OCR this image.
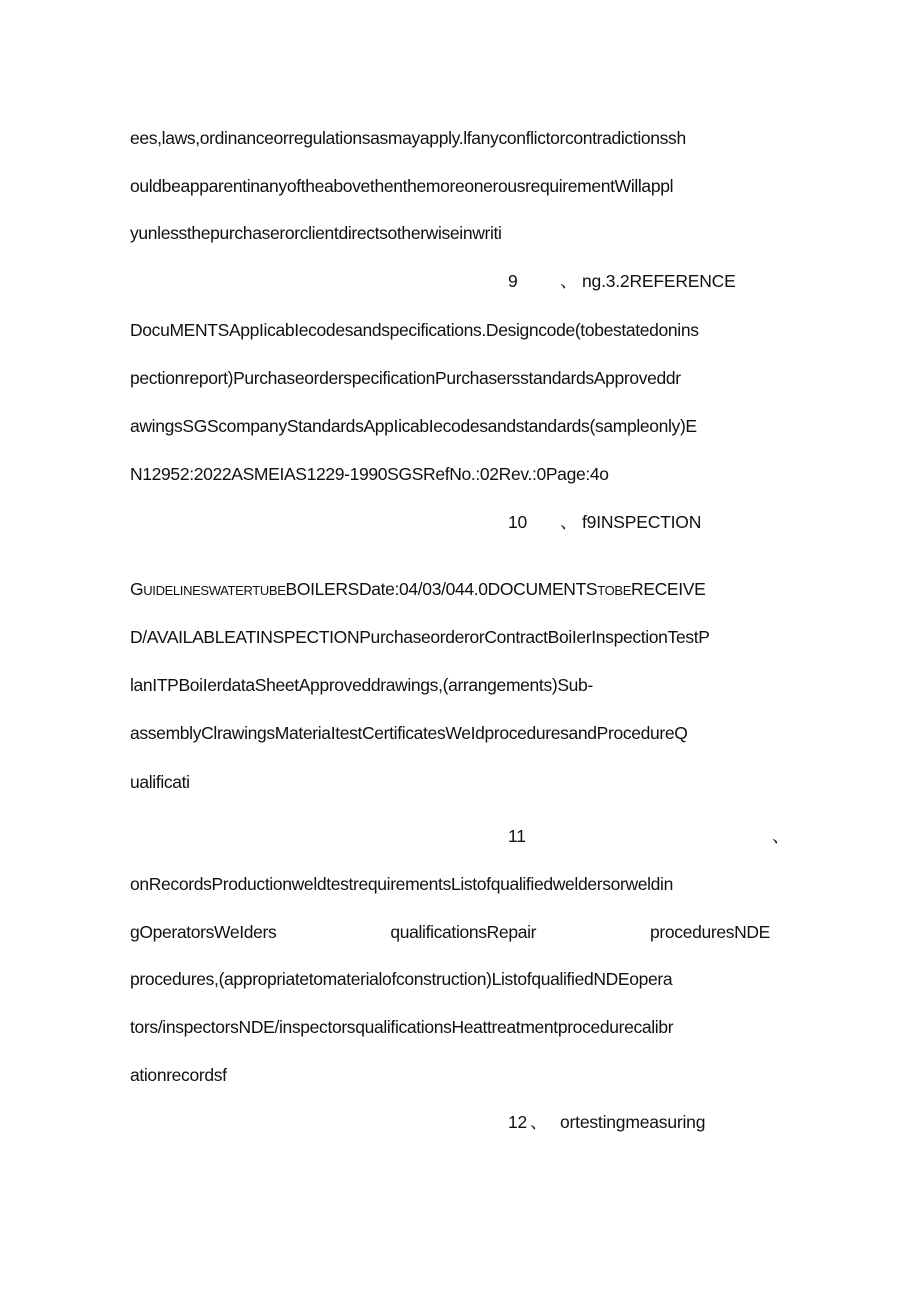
ees,laws,ordinanceorregulationsasmayapply.lfanyconflictorcontradictionssh
ouldbeapparentinanyoftheabovethenthemoreonerousrequirementWillappl
yunlessthepurchaserorclientdirectsotherwiseinwriti
9 、 ng.3.2REFERENCE
DocuMENTSAppIicabIecodesandspecifications.Designcode(tobestatedonins
pectionreport)PurchaseorderspecificationPurchasersstandardsApproveddr
awingsSGScompanyStandardsAppIicabIecodesandstandards(sampleonly)E
N12952:2022ASMEIAS1229-1990SGSRefNo.:02Rev.:0Page:4o
10 、 f9INSPECTION
GUIDELINESWATERTUBEBOILERSDate:04/03/044.0DOCUMENTSTOBERECEIVE
D/AVAILABLEATINSPECTIONPurchaseorderorContractBoiIerInspectionTestP
lanITPBoiIerdataSheetApproveddrawings,(arrangements)Sub-
assemblyClrawingsMateriaItestCertificatesWeIdproceduresandProcedureQ
ualificati
11	、
onRecordsProductionweldtestrequirementsListofqualifiedweldersorweldin
gOperatorsWeIders	qualificationsRepair	proceduresNDE
procedures,(appropriatetomaterialofconstruction)ListofqualifiedNDEopera
tors/inspectorsNDE/inspectorsqualificationsHeattreatmentprocedurecalibr
ationrecordsf
12 、 ortestingmeasuring
